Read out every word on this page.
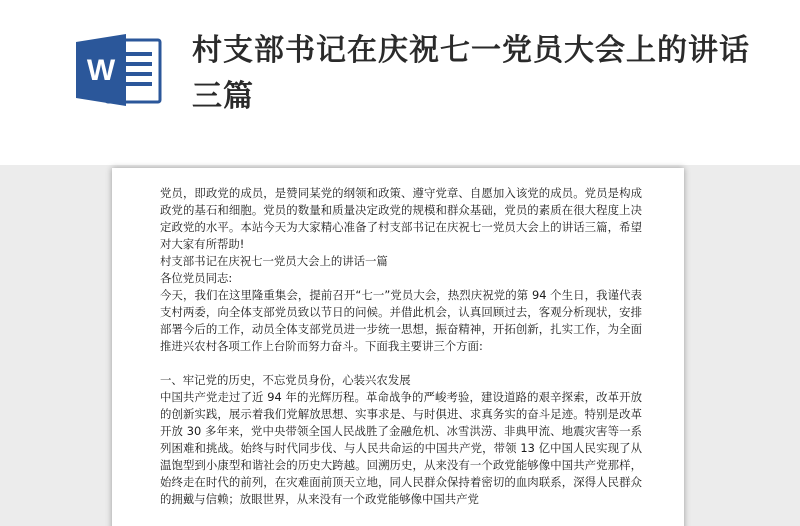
W
村支部书记在庆祝七一党员大会上的讲话三篇

党员，即政党的成员，是赞同某党的纲领和政策、遵守党章、自愿加入该党的成员。党员是构成政党的基石和细胞。党员的数量和质量决定政党的规模和群众基础，党员的素质在很大程度上决定政党的水平。本站今天为大家精心准备了村支部书记在庆祝七一党员大会上的讲话三篇，希望对大家有所帮助!

村支部书记在庆祝七一党员大会上的讲话一篇

各位党员同志:

今天，我们在这里隆重集会，提前召开“七一”党员大会，热烈庆祝党的第 94 个生日，我谨代表支村两委，向全体支部党员致以节日的问候。并借此机会，认真回顾过去，客观分析现状，安排部署今后的工作，动员全体支部党员进一步统一思想，振奋精神，开拓创新，扎实工作，为全面推进兴农村各项工作上台阶而努力奋斗。下面我主要讲三个方面:

一、牢记党的历史，不忘党员身份，心装兴农发展

中国共产党走过了近 94 年的光辉历程。革命战争的严峻考验，建设道路的艰辛探索，改革开放的创新实践，展示着我们党解放思想、实事求是、与时俱进、求真务实的奋斗足迹。特别是改革开放 30 多年来，党中央带领全国人民战胜了金融危机、冰雪洪涝、非典甲流、地震灾害等一系列困难和挑战。始终与时代同步伐、与人民共命运的中国共产党，带领 13 亿中国人民实现了从温饱型到小康型和谐社会的历史大跨越。回溯历史，从来没有一个政党能够像中国共产党那样，始终走在时代的前列，在灾难面前顶天立地，同人民群众保持着密切的血肉联系，深得人民群众的拥戴与信赖；放眼世界，从来没有一个政党能够像中国共产党
